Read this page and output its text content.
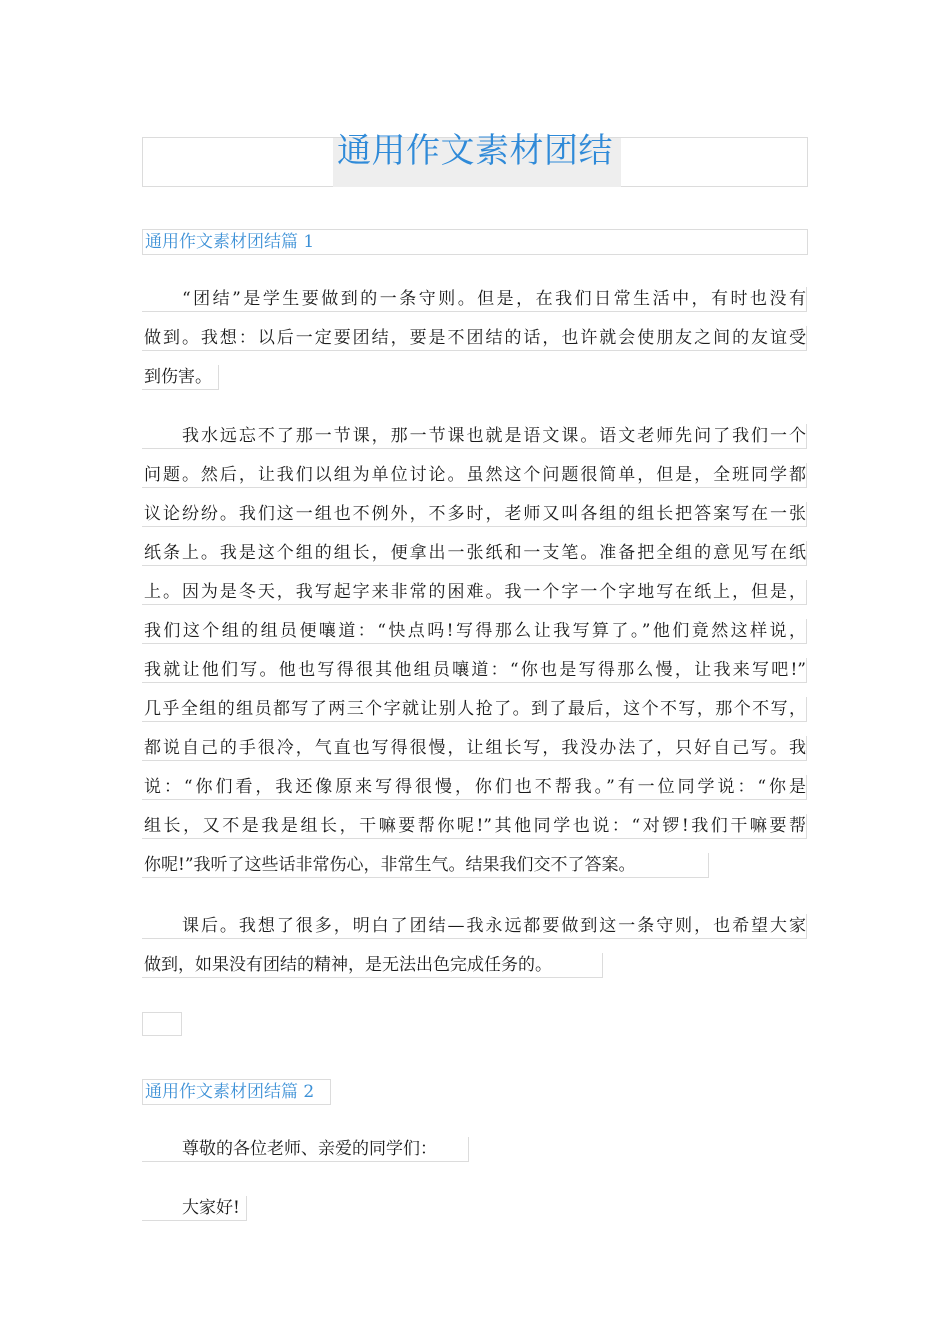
通用作文素材团结
通用作文素材团结篇 1
“团结”是学生要做到的一条守则。但是，在我们日常生活中，有时也没有
做到。我想：以后一定要团结，要是不团结的话，也许就会使朋友之间的友谊受
到伤害。
我水远忘不了那一节课，那一节课也就是语文课。语文老师先问了我们一个
问题。然后，让我们以组为单位讨论。虽然这个问题很简单，但是，全班同学都
议论纷纷。我们这一组也不例外，不多时，老师又叫各组的组长把答案写在一张
纸条上。我是这个组的组长，便拿出一张纸和一支笔。准备把全组的意见写在纸
上。因为是冬天，我写起字来非常的困难。我一个字一个字地写在纸上，但是，
我们这个组的组员便嚷道：“快点吗!写得那么让我写算了。”他们竟然这样说，
我就让他们写。他也写得很其他组员嚷道：“你也是写得那么慢，让我来写吧!”
几乎全组的组员都写了两三个字就让别人抢了。到了最后，这个不写，那个不写，
都说自己的手很冷，气直也写得很慢，让组长写，我没办法了，只好自己写。我
说：“你们看，我还像原来写得很慢，你们也不帮我。”有一位同学说：“你是
组长，又不是我是组长，干嘛要帮你呢!”其他同学也说：“对锣!我们干嘛要帮
你呢!”我听了这些话非常伤心，非常生气。结果我们交不了答案。
课后。我想了很多，明白了团结—我永远都要做到这一条守则，也希望大家
做到，如果没有团结的精神，是无法出色完成任务的。
通用作文素材团结篇 2
尊敬的各位老师、亲爱的同学们：
大家好!
